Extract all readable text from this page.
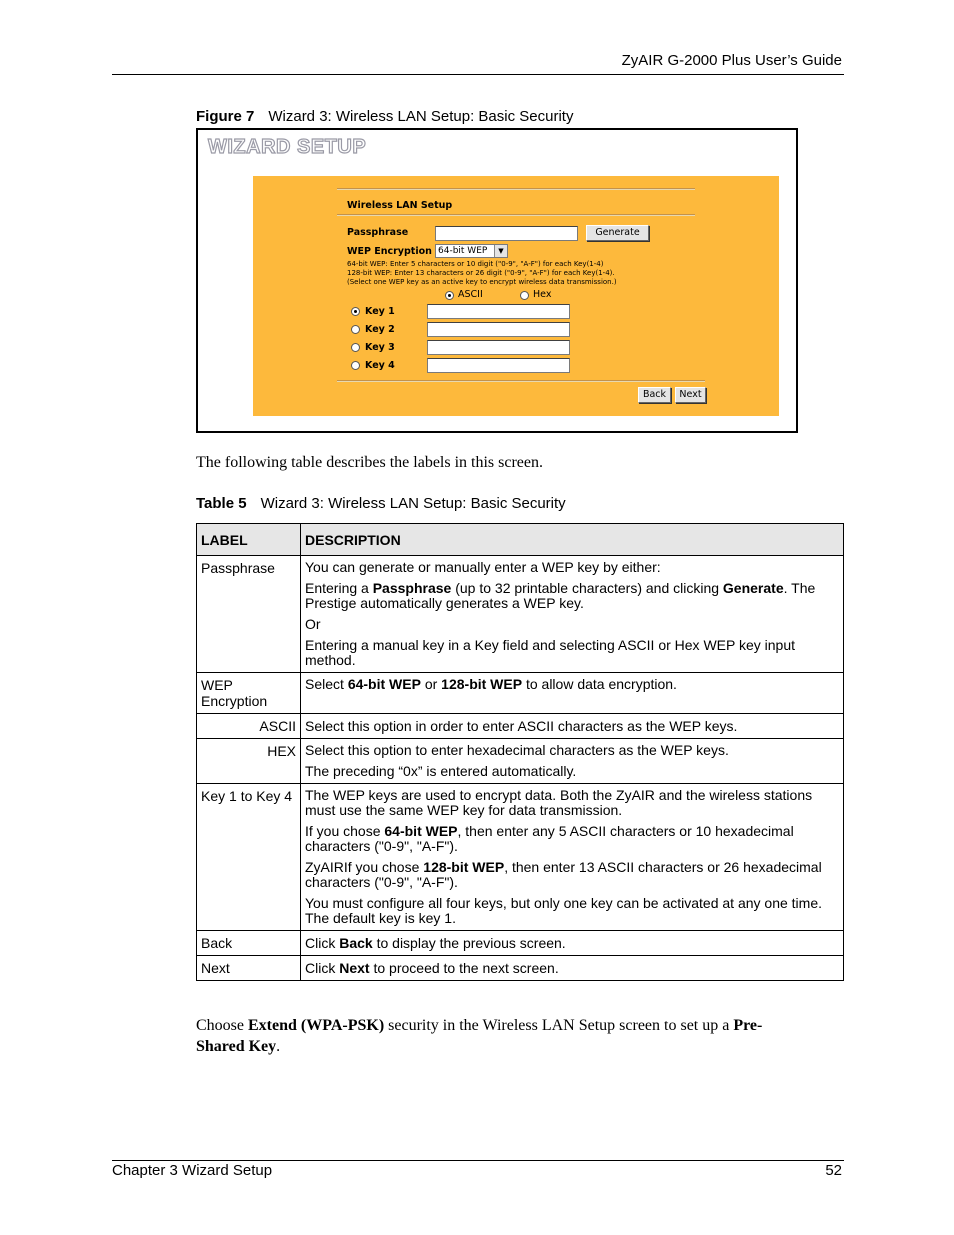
ZyAIR G-2000 Plus User’s Guide
Figure 7 Wizard 3: Wireless LAN Setup: Basic Security
WIZARD SETUP
Wireless LAN Setup
Passphrase	Generate
WEP Encryption 64-bit WEP	▼
64-bit WEP: Enter 5 characters or 10 digit ("0-9", "A-F") for each Key(1-4)
128-bit WEP: Enter 13 characters or 26 digit ("0-9", "A-F") for each Key(1-4).
(Select one WEP key as an active key to encrypt wireless data transmission.)
ASCII	Hex
Key 1
Key 2
Key 3
Key 4
Back	Next
The following table describes the labels in this screen.
Table 5 Wizard 3: Wireless LAN Setup: Basic Security
LABEL	DESCRIPTION
Passphrase	You can generate or manually enter a WEP key by either:

Entering a Passphrase (up to 32 printable characters) and clicking Generate. The Prestige automatically generates a WEP key.

Or

Entering a manual key in a Key field and selecting ASCII or Hex WEP key input method.

WEP Encryption	Select 64-bit WEP or 128-bit WEP to allow data encryption.

ASCII	Select this option in order to enter ASCII characters as the WEP keys.
HEX	Select this option to enter hexadecimal characters as the WEP keys.

The preceding “0x” is entered automatically.

Key 1 to Key 4	The WEP keys are used to encrypt data. Both the ZyAIR and the wireless stations must use the same WEP key for data transmission.

If you chose 64-bit WEP, then enter any 5 ASCII characters or 10 hexadecimal characters ("0-9", "A-F").

ZyAIRIf you chose 128-bit WEP, then enter 13 ASCII characters or 26 hexadecimal characters ("0-9", "A-F").

You must configure all four keys, but only one key can be activated at any one time. The default key is key 1.

Back	Click Back to display the previous screen.
Next	Click Next to proceed to the next screen.
Choose Extend (WPA-PSK) security in the Wireless LAN Setup screen to set up a Pre-Shared Key.
Chapter 3 Wizard Setup	52
